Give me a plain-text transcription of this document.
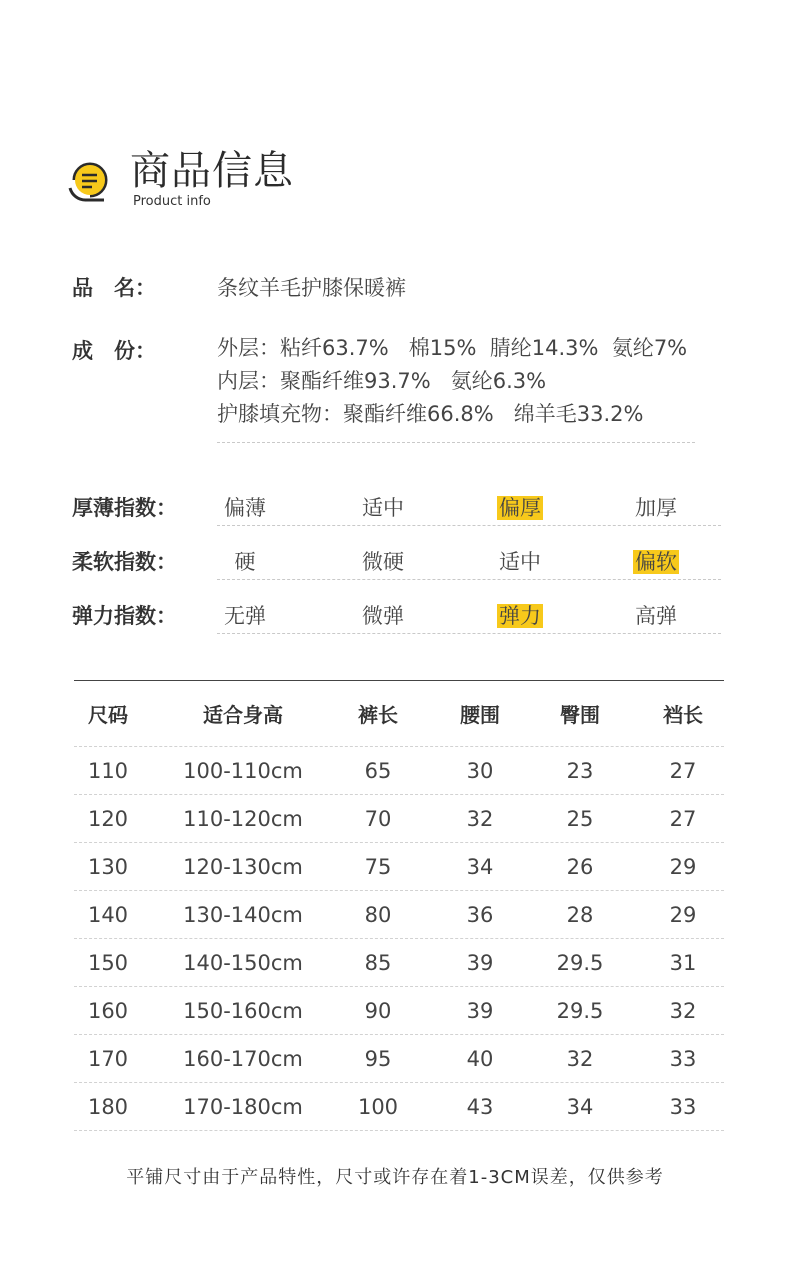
商品信息
Product info
品　名：	条纹羊毛护膝保暖裤
成　份：	外层：粘纤63.7%   棉15%  腈纶14.3%  氨纶7%
内层：聚酯纤维93.7%   氨纶6.3%
护膝填充物：聚酯纤维66.8%   绵羊毛33.2%
厚薄指数：	偏薄	适中	偏厚	加厚
柔软指数：	硬	微硬	适中	偏软
弹力指数：	无弹	微弹	弹力	高弹
尺码	适合身高	裤长	腰围	臀围	裆长
110	100-110cm	65	30	23	27
120	110-120cm	70	32	25	27
130	120-130cm	75	34	26	29
140	130-140cm	80	36	28	29
150	140-150cm	85	39	29.5	31
160	150-160cm	90	39	29.5	32
170	160-170cm	95	40	32	33
180	170-180cm	100	43	34	33
平铺尺寸由于产品特性，尺寸或许存在着1-3CM误差，仅供参考
